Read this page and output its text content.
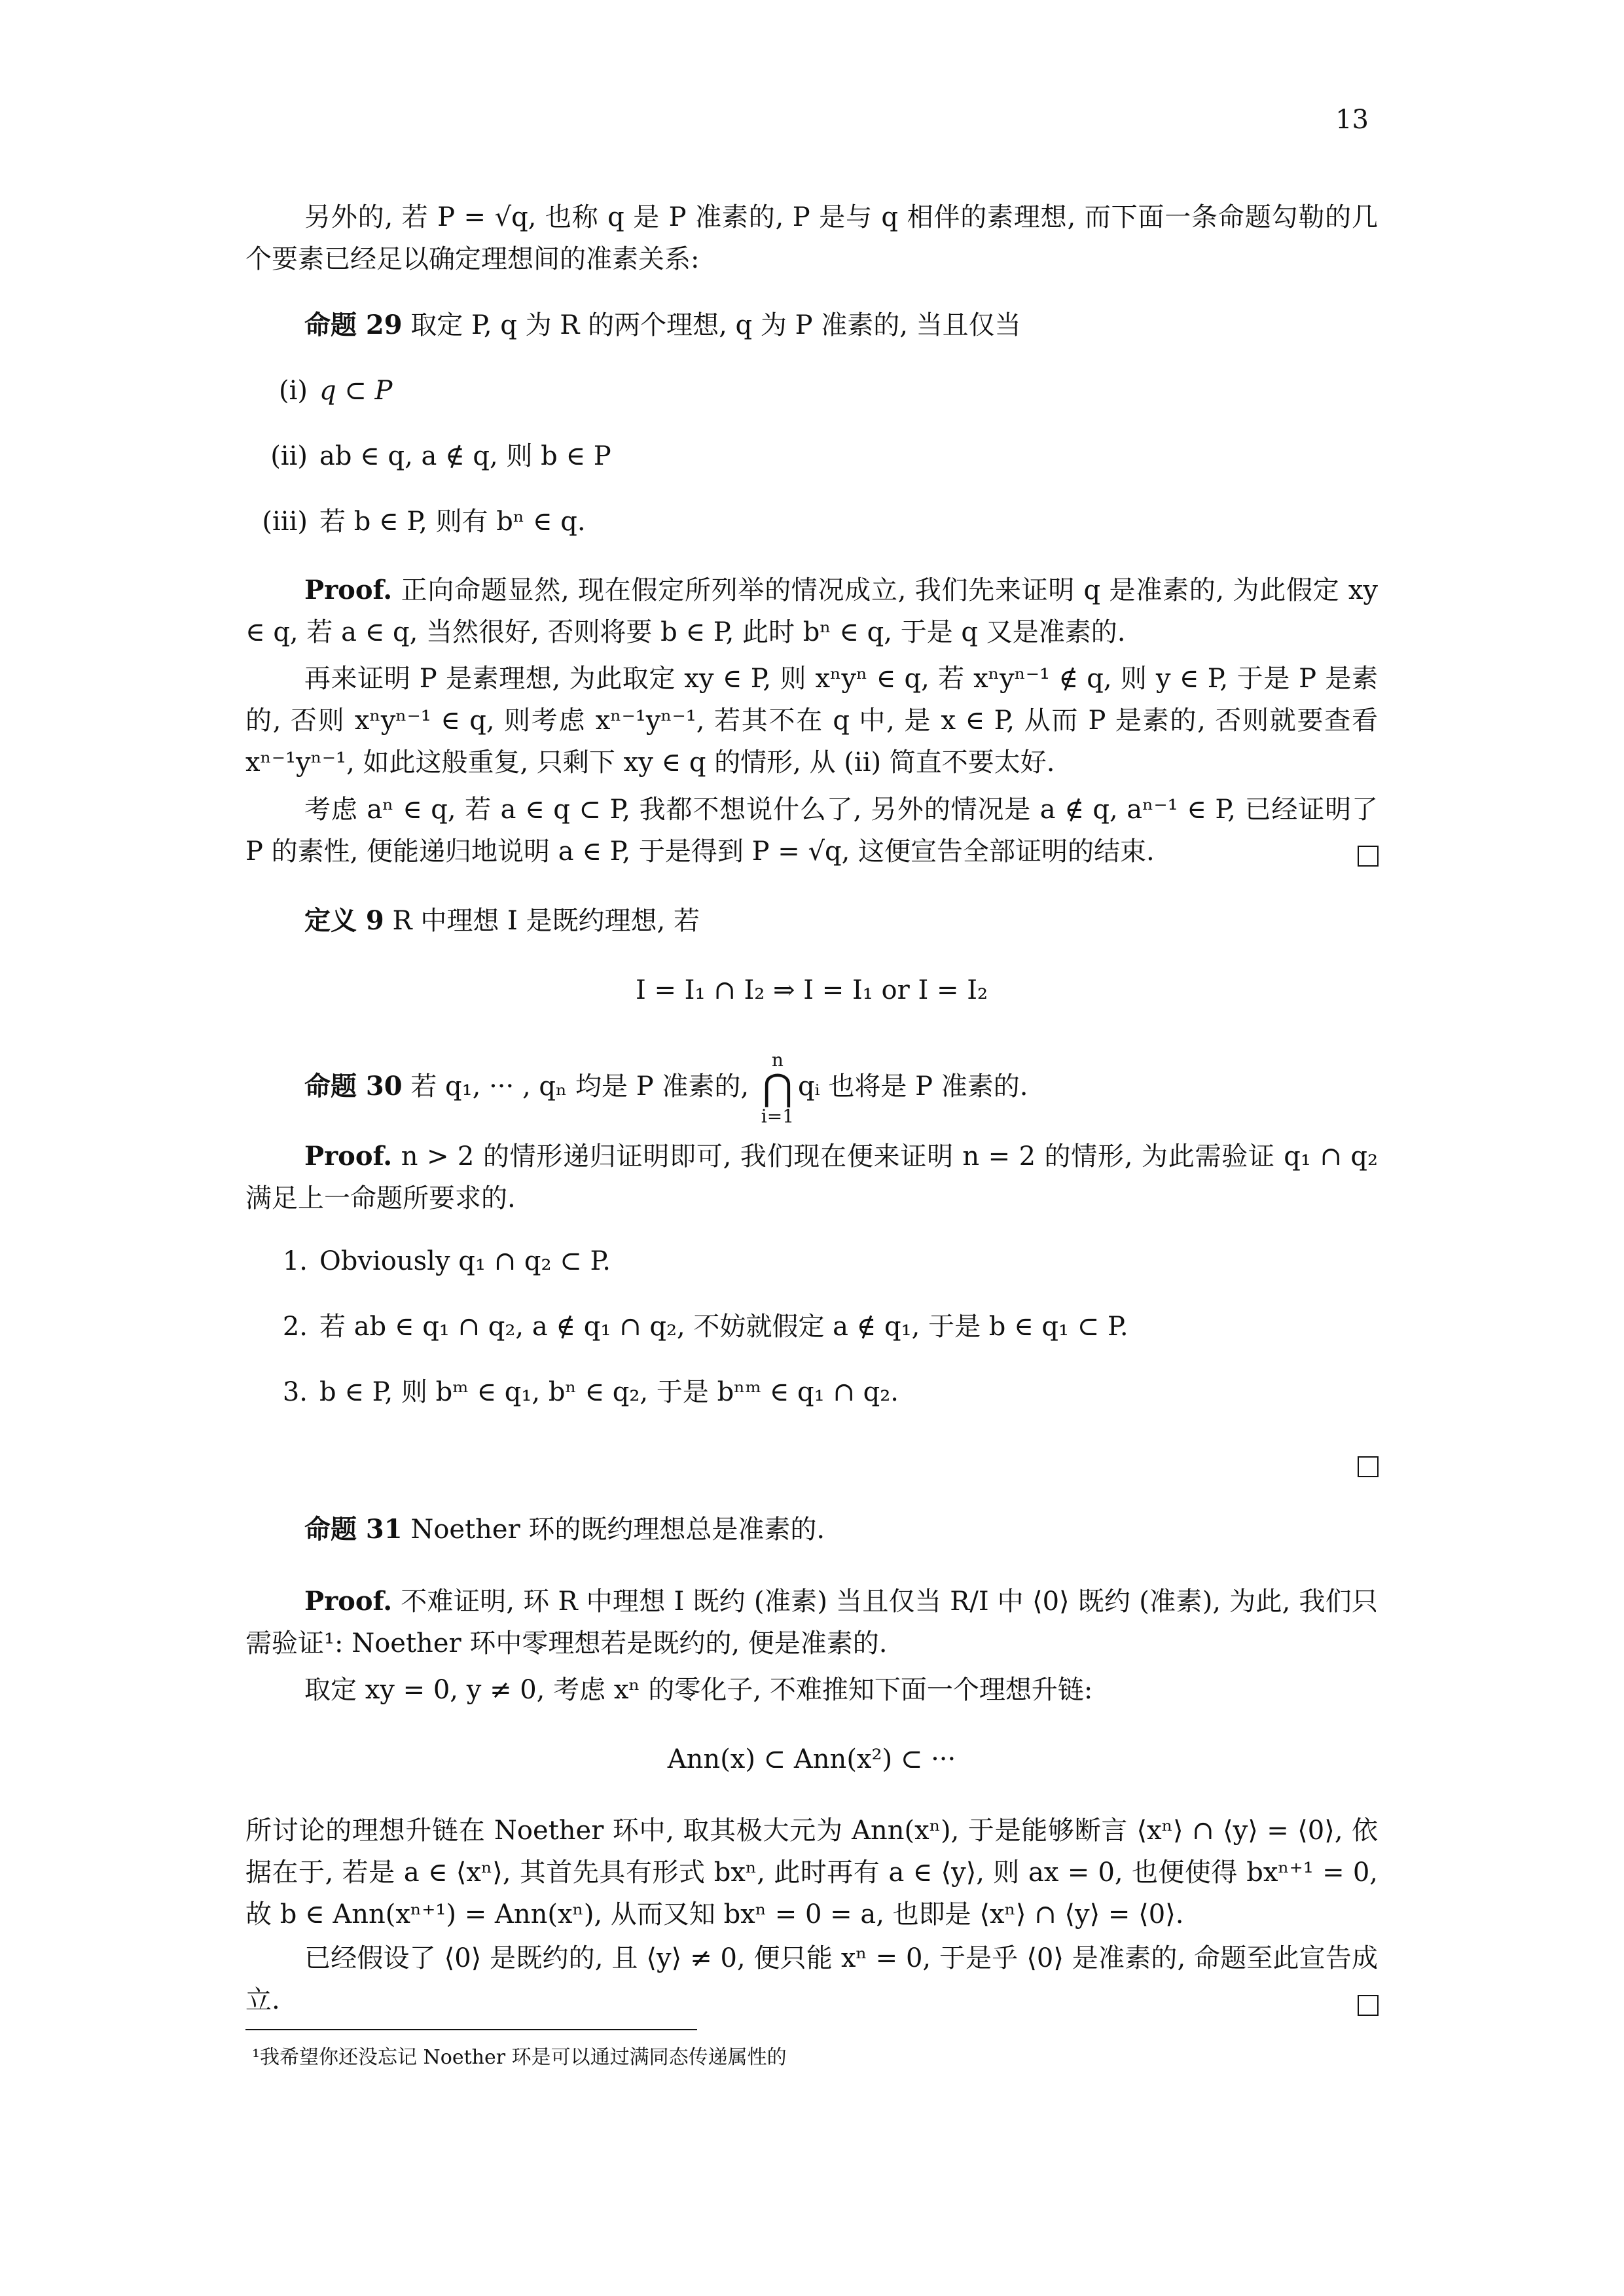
13
另外的, 若 P = √q, 也称 q 是 P 准素的, P 是与 q 相伴的素理想, 而下面一条命题勾勒的几个要素已经足以确定理想间的准素关系:
命题 29 取定 P, q 为 R 的两个理想, q 为 P 准素的, 当且仅当
(i) q ⊂ P
(ii) ab ∈ q, a ∉ q, 则 b ∈ P
(iii) 若 b ∈ P, 则有 bⁿ ∈ q.
Proof. 正向命题显然, 现在假定所列举的情况成立, 我们先来证明 q 是准素的, 为此假定 xy ∈ q, 若 a ∈ q, 当然很好, 否则将要 b ∈ P, 此时 bⁿ ∈ q, 于是 q 又是准素的.
再来证明 P 是素理想, 为此取定 xy ∈ P, 则 xⁿyⁿ ∈ q, 若 xⁿyⁿ⁻¹ ∉ q, 则 y ∈ P, 于是 P 是素的, 否则 xⁿyⁿ⁻¹ ∈ q, 则考虑 xⁿ⁻¹yⁿ⁻¹, 若其不在 q 中, 是 x ∈ P, 从而 P 是素的, 否则就要查看 xⁿ⁻¹yⁿ⁻¹, 如此这般重复, 只剩下 xy ∈ q 的情形, 从 (ii) 简直不要太好.
考虑 aⁿ ∈ q, 若 a ∈ q ⊂ P, 我都不想说什么了, 另外的情况是 a ∉ q, aⁿ⁻¹ ∈ P, 已经证明了 P 的素性, 便能递归地说明 a ∈ P, 于是得到 P = √q, 这便宣告全部证明的结束.
定义 9 R 中理想 I 是既约理想, 若
I = I₁ ∩ I₂ ⇒ I = I₁ or I = I₂
命题 30 若 q₁, ··· , qₙ 均是 P 准素的,
n
⋂
i=1
qᵢ 也将是 P 准素的.
Proof. n > 2 的情形递归证明即可, 我们现在便来证明 n = 2 的情形, 为此需验证 q₁ ∩ q₂ 满足上一命题所要求的.
1. Obviously q₁ ∩ q₂ ⊂ P.
2. 若 ab ∈ q₁ ∩ q₂, a ∉ q₁ ∩ q₂, 不妨就假定 a ∉ q₁, 于是 b ∈ q₁ ⊂ P.
3. b ∈ P, 则 bᵐ ∈ q₁, bⁿ ∈ q₂, 于是 bⁿᵐ ∈ q₁ ∩ q₂.
命题 31 Noether 环的既约理想总是准素的.
Proof. 不难证明, 环 R 中理想 I 既约 (准素) 当且仅当 R/I 中 ⟨0⟩ 既约 (准素), 为此, 我们只需验证¹: Noether 环中零理想若是既约的, 便是准素的.
取定 xy = 0, y ≠ 0, 考虑 xⁿ 的零化子, 不难推知下面一个理想升链:
Ann(x) ⊂ Ann(x²) ⊂ ···
所讨论的理想升链在 Noether 环中, 取其极大元为 Ann(xⁿ), 于是能够断言 ⟨xⁿ⟩ ∩ ⟨y⟩ = ⟨0⟩, 依据在于, 若是 a ∈ ⟨xⁿ⟩, 其首先具有形式 bxⁿ, 此时再有 a ∈ ⟨y⟩, 则 ax = 0, 也便使得 bxⁿ⁺¹ = 0, 故 b ∈ Ann(xⁿ⁺¹) = Ann(xⁿ), 从而又知 bxⁿ = 0 = a, 也即是 ⟨xⁿ⟩ ∩ ⟨y⟩ = ⟨0⟩.
已经假设了 ⟨0⟩ 是既约的, 且 ⟨y⟩ ≠ 0, 便只能 xⁿ = 0, 于是乎 ⟨0⟩ 是准素的, 命题至此宣告成立.
¹我希望你还没忘记 Noether 环是可以通过满同态传递属性的
